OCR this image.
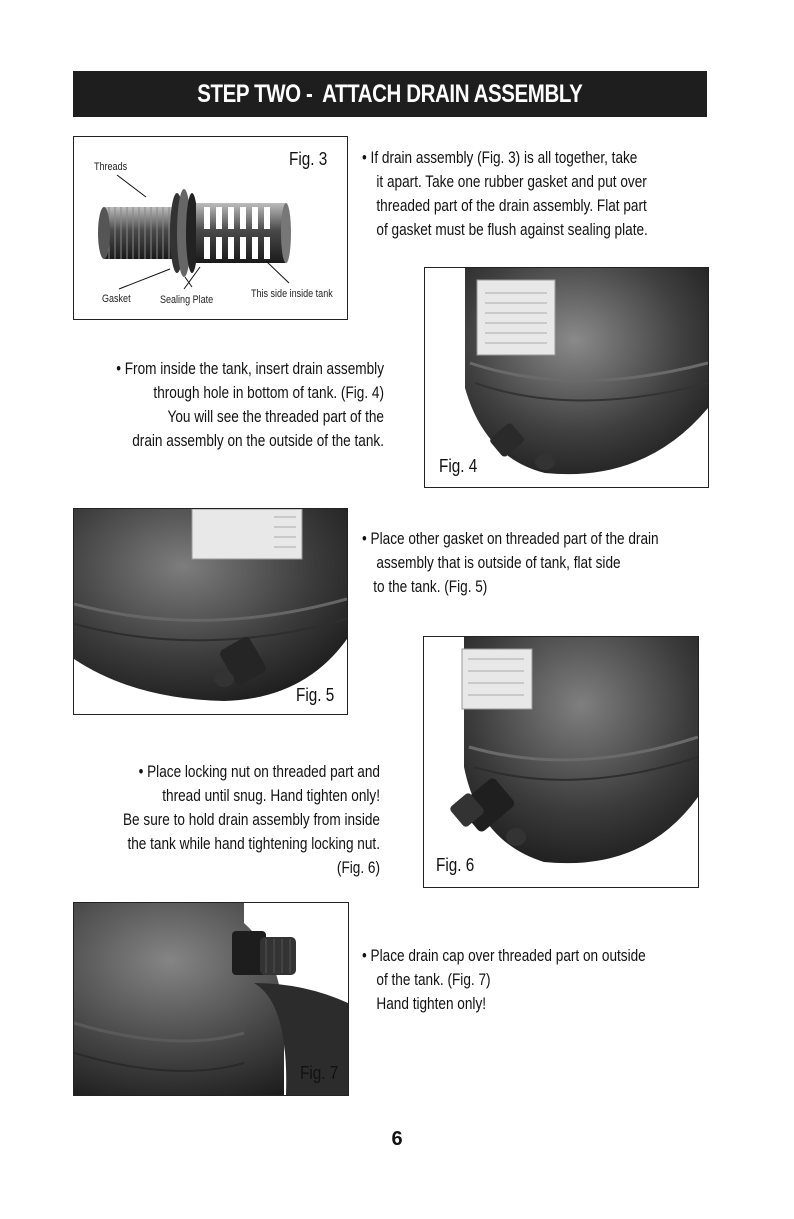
STEP TWO -  ATTACH DRAIN ASSEMBLY
Threads
Gasket	Sealing Plate	This side inside tank
Fig. 3 • If drain assembly (Fig. 3) is all together, take
it apart. Take one rubber gasket and put over
threaded part of the drain assembly. Flat part
of gasket must be flush against sealing plate.
Fig. 4
• From inside the tank, insert drain assembly
through hole in bottom of tank. (Fig. 4)
You will see the threaded part of the
drain assembly on the outside of the tank.
Fig. 5
• Place other gasket on threaded part of the drain
assembly that is outside of tank, flat side
to the tank. (Fig. 5)
Fig. 6
• Place locking nut on threaded part and
thread until snug. Hand tighten only!
Be sure to hold drain assembly from inside
the tank while hand tightening locking nut.
(Fig. 6)
Fig. 7
• Place drain cap over threaded part on outside
of the tank. (Fig. 7)
Hand tighten only!
6
